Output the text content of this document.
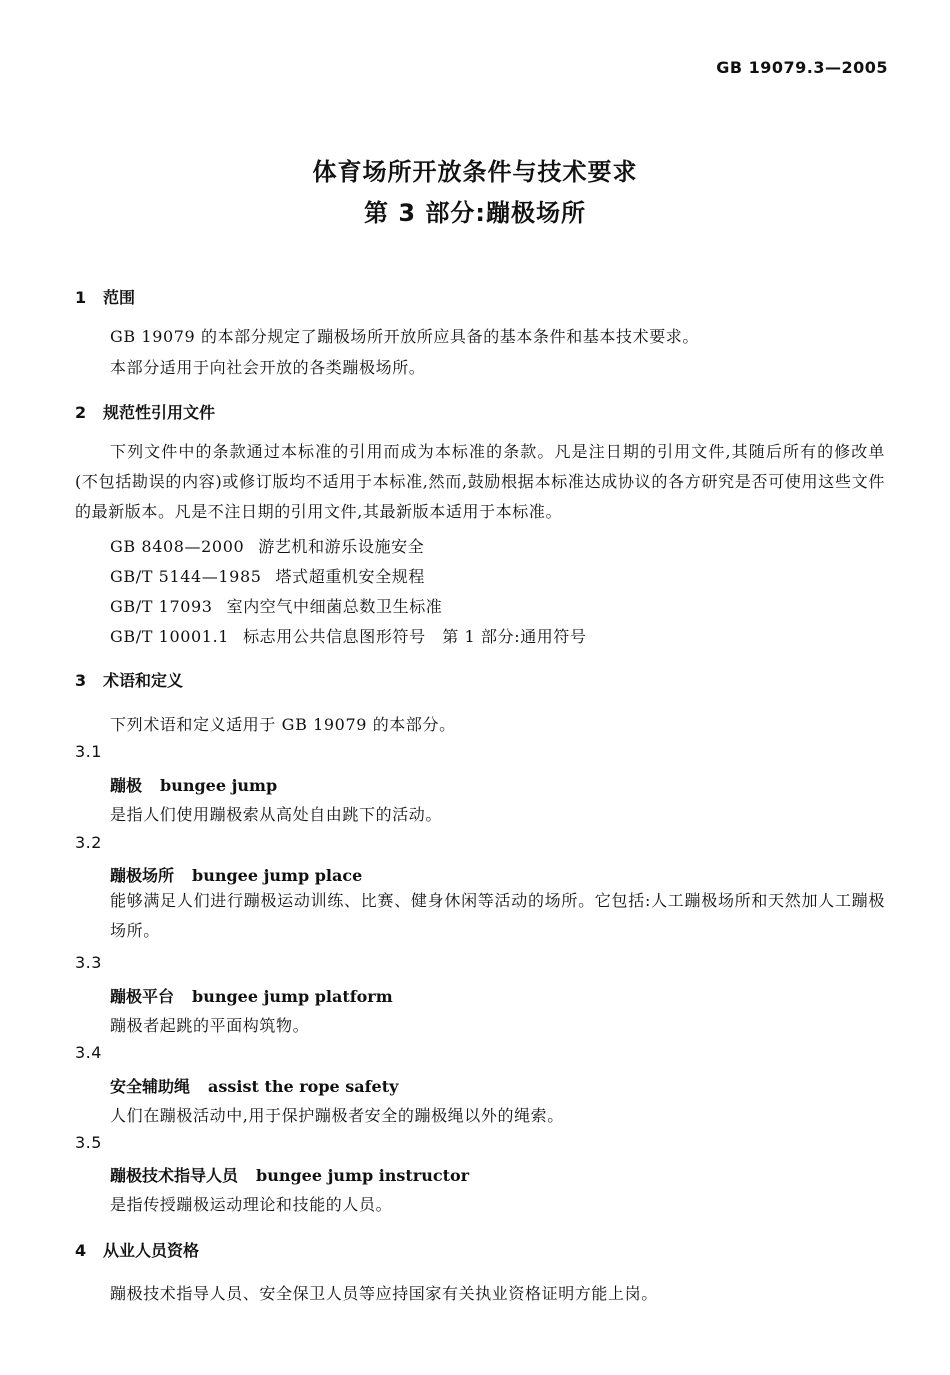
GB 19079.3—2005
体育场所开放条件与技术要求
第 3 部分:蹦极场所
1 范围
GB 19079 的本部分规定了蹦极场所开放所应具备的基本条件和基本技术要求。
本部分适用于向社会开放的各类蹦极场所。
2 规范性引用文件
下列文件中的条款通过本标准的引用而成为本标准的条款。凡是注日期的引用文件,其随后所有的修改单(不包括勘误的内容)或修订版均不适用于本标准,然而,鼓励根据本标准达成协议的各方研究是否可使用这些文件的最新版本。凡是不注日期的引用文件,其最新版本适用于本标准。
GB 8408—2000 游艺机和游乐设施安全
GB/T 5144—1985 塔式超重机安全规程
GB/T 17093 室内空气中细菌总数卫生标准
GB/T 10001.1 标志用公共信息图形符号　第 1 部分:通用符号
3 术语和定义
下列术语和定义适用于 GB 19079 的本部分。
3.1
蹦极 bungee jump
是指人们使用蹦极索从高处自由跳下的活动。
3.2
蹦极场所 bungee jump place
能够满足人们进行蹦极运动训练、比赛、健身休闲等活动的场所。它包括:人工蹦极场所和天然加人工蹦极场所。
3.3
蹦极平台 bungee jump platform
蹦极者起跳的平面构筑物。
3.4
安全辅助绳 assist the rope safety
人们在蹦极活动中,用于保护蹦极者安全的蹦极绳以外的绳索。
3.5
蹦极技术指导人员 bungee jump instructor
是指传授蹦极运动理论和技能的人员。
4 从业人员资格
蹦极技术指导人员、安全保卫人员等应持国家有关执业资格证明方能上岗。
